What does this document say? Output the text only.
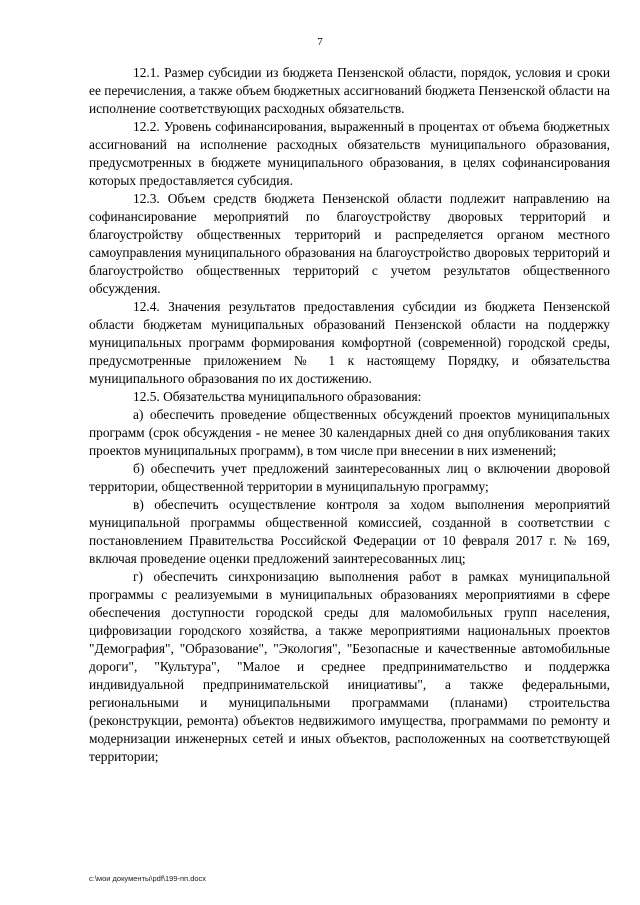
7

12.1. Размер субсидии из бюджета Пензенской области, порядок, условия и сроки ее перечисления, а также объем бюджетных ассигнований бюджета Пензенской области на исполнение соответствующих расходных обязательств.

12.2. Уровень софинансирования, выраженный в процентах от объема бюджетных ассигнований на исполнение расходных обязательств муниципального образования, предусмотренных в бюджете муниципального образования, в целях софинансирования которых предоставляется субсидия.

12.3. Объем средств бюджета Пензенской области подлежит направлению на софинансирование мероприятий по благоустройству дворовых территорий и благоустройству общественных территорий и распределяется органом местного самоуправления муниципального образования на благоустройство дворовых территорий и благоустройство общественных территорий с учетом результатов общественного обсуждения.

12.4. Значения результатов предоставления субсидии из бюджета Пензенской области бюджетам муниципальных образований Пензенской области на поддержку муниципальных программ формирования комфортной (современной) городской среды, предусмотренные приложением № 1 к настоящему Порядку, и обязательства муниципального образования по их достижению.

12.5. Обязательства муниципального образования:

а) обеспечить проведение общественных обсуждений проектов муниципальных программ (срок обсуждения - не менее 30 календарных дней со дня опубликования таких проектов муниципальных программ), в том числе при внесении в них изменений;

б) обеспечить учет предложений заинтересованных лиц о включении дворовой территории, общественной территории в муниципальную программу;

в) обеспечить осуществление контроля за ходом выполнения мероприятий муниципальной программы общественной комиссией, созданной в соответствии с постановлением Правительства Российской Федерации от 10 февраля 2017 г. № 169, включая проведение оценки предложений заинтересованных лиц;

г) обеспечить синхронизацию выполнения работ в рамках муниципальной программы с реализуемыми в муниципальных образованиях мероприятиями в сфере обеспечения доступности городской среды для маломобильных групп населения, цифровизации городского хозяйства, а также мероприятиями национальных проектов "Демография", "Образование", "Экология", "Безопасные и качественные автомобильные дороги", "Культура", "Малое и среднее предпринимательство и поддержка индивидуальной предпринимательской инициативы", а также федеральными, региональными и муниципальными программами (планами) строительства (реконструкции, ремонта) объектов недвижимого имущества, программами по ремонту и модернизации инженерных сетей и иных объектов, расположенных на соответствующей территории;

c:\мои документы\pdf\199-пп.docx
